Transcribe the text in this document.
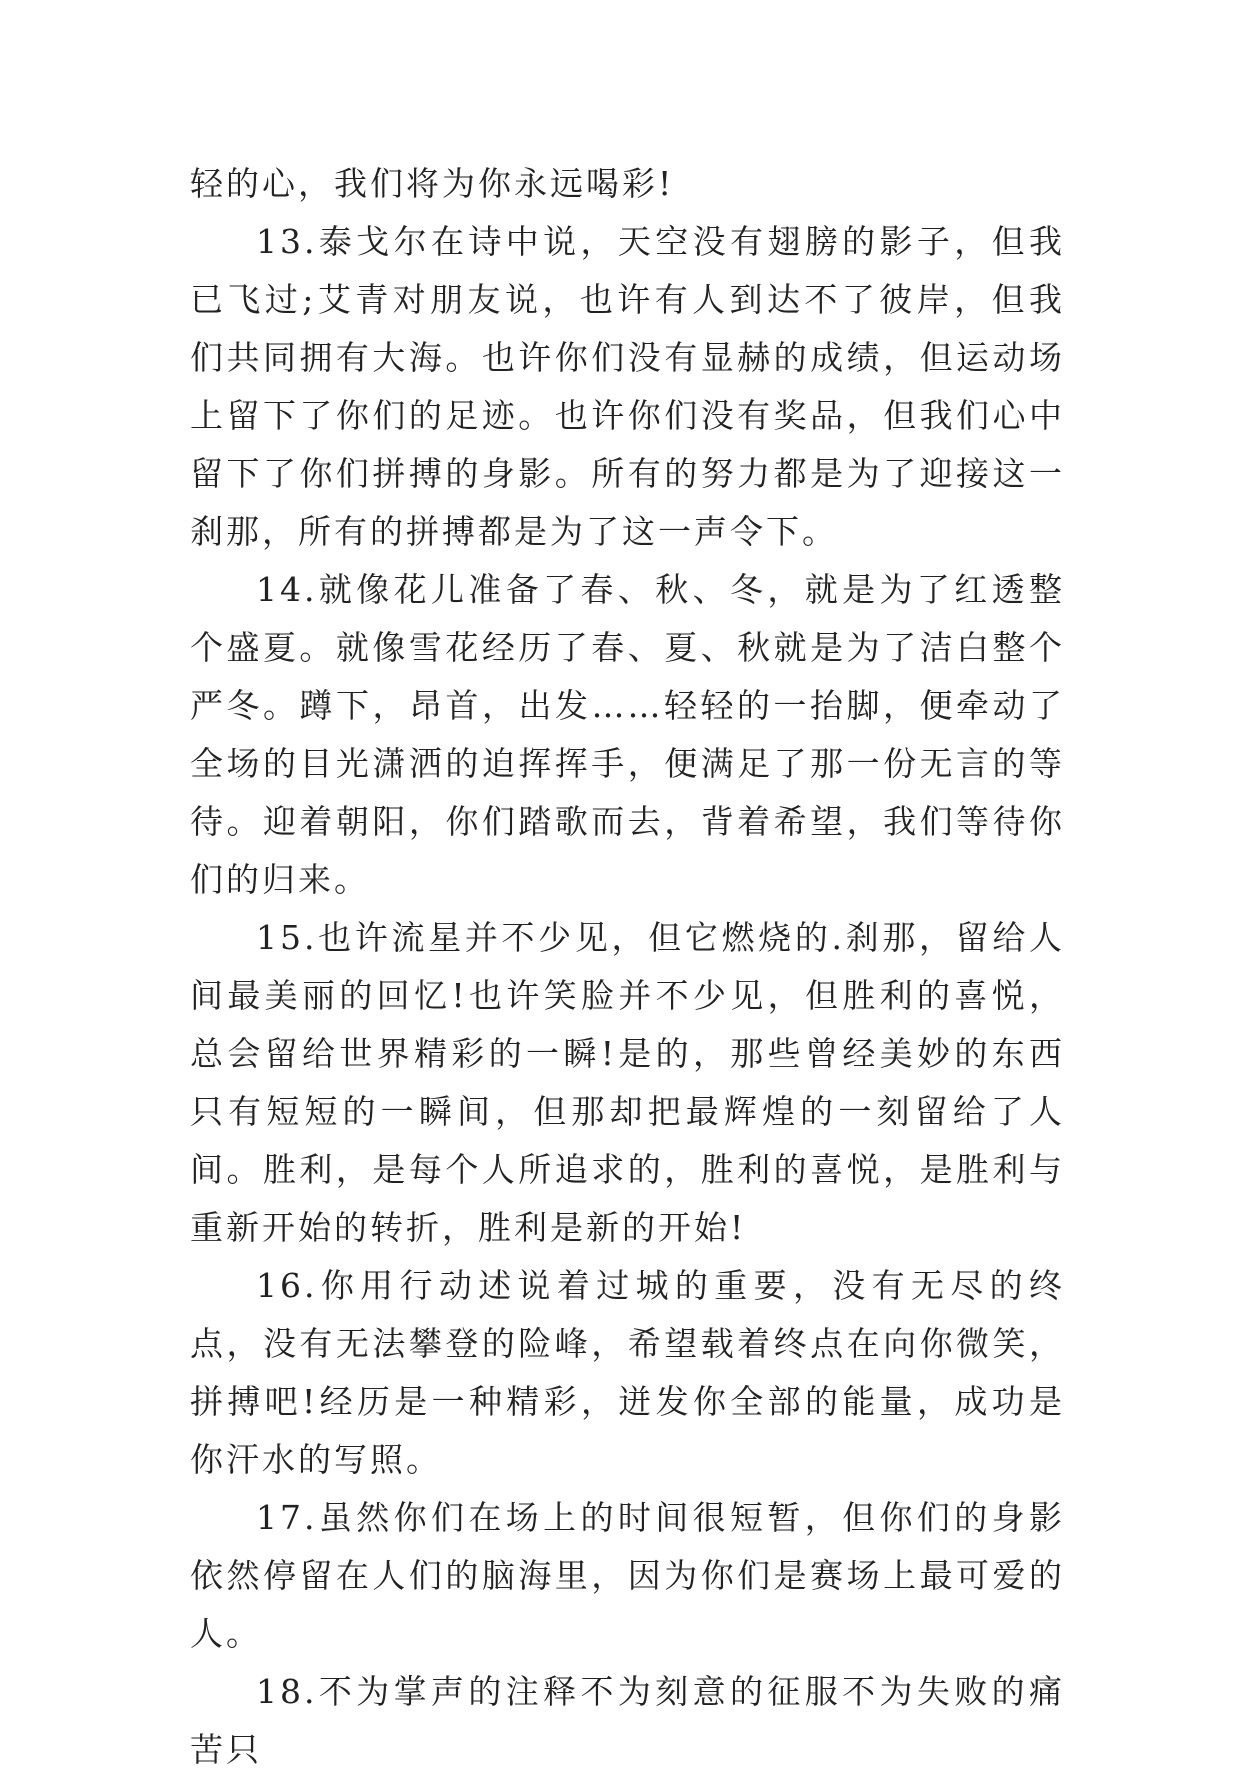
轻的心，我们将为你永远喝彩!

13.泰戈尔在诗中说，天空没有翅膀的影子，但我已飞过;艾青对朋友说，也许有人到达不了彼岸，但我们共同拥有大海。也许你们没有显赫的成绩，但运动场上留下了你们的足迹。也许你们没有奖品，但我们心中留下了你们拼搏的身影。所有的努力都是为了迎接这一刹那，所有的拼搏都是为了这一声令下。

14.就像花儿准备了春、秋、冬，就是为了红透整个盛夏。就像雪花经历了春、夏、秋就是为了洁白整个严冬。蹲下，昂首，出发……轻轻的一抬脚，便牵动了全场的目光潇洒的迫挥挥手，便满足了那一份无言的等待。迎着朝阳，你们踏歌而去，背着希望，我们等待你们的归来。

15.也许流星并不少见，但它燃烧的.刹那，留给人间最美丽的回忆!也许笑脸并不少见，但胜利的喜悦，总会留给世界精彩的一瞬!是的，那些曾经美妙的东西只有短短的一瞬间，但那却把最辉煌的一刻留给了人间。胜利，是每个人所追求的，胜利的喜悦，是胜利与重新开始的转折，胜利是新的开始!

16.你用行动述说着过城的重要，没有无尽的终点，没有无法攀登的险峰，希望载着终点在向你微笑，拼搏吧!经历是一种精彩，迸发你全部的能量，成功是你汗水的写照。

17.虽然你们在场上的时间很短暂，但你们的身影依然停留在人们的脑海里，因为你们是赛场上最可爱的人。

18.不为掌声的注释不为刻意的征服不为失败的痛苦只
